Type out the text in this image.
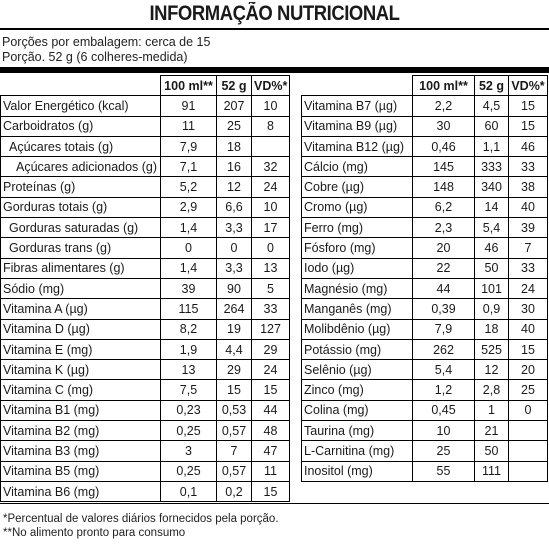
INFORMAÇÃO NUTRICIONAL
Porções por embalagem: cerca de 15
Porção. 52 g (6 colheres-medida)
	100 ml**	52 g	VD%*
Valor Energético (kcal)	91	207	10
Carboidratos (g)	11	25	8
Açúcares totais (g)	7,9	18	
Açúcares adicionados (g)	7,1	16	32
Proteínas (g)	5,2	12	24
Gorduras totais (g)	2,9	6,6	10
Gorduras saturadas (g)	1,4	3,3	17
Gorduras trans (g)	0	0	0
Fibras alimentares (g)	1,4	3,3	13
Sódio (mg)	39	90	5
Vitamina A (µg)	115	264	33
Vitamina D (µg)	8,2	19	127
Vitamina E (mg)	1,9	4,4	29
Vitamina K (µg)	13	29	24
Vitamina C (mg)	7,5	15	15
Vitamina B1 (mg)	0,23	0,53	44
Vitamina B2 (mg)	0,25	0,57	48
Vitamina B3 (mg)	3	7	47
Vitamina B5 (mg)	0,25	0,57	11
Vitamina B6 (mg)	0,1	0,2	15
	100 ml**	52 g	VD%*
Vitamina B7 (µg)	2,2	4,5	15
Vitamina B9 (µg)	30	60	15
Vitamina B12 (µg)	0,46	1,1	46
Cálcio (mg)	145	333	33
Cobre (µg)	148	340	38
Cromo (µg)	6,2	14	40
Ferro (mg)	2,3	5,4	39
Fósforo (mg)	20	46	7
Iodo (µg)	22	50	33
Magnésio (mg)	44	101	24
Manganês (mg)	0,39	0,9	30
Molibdênio (µg)	7,9	18	40
Potássio (mg)	262	525	15
Selênio (µg)	5,4	12	20
Zinco (mg)	1,2	2,8	25
Colina (mg)	0,45	1	0
Taurina (mg)	10	21	
L-Carnitina (mg)	25	50	
Inositol (mg)	55	111	
*Percentual de valores diários fornecidos pela porção.
**No alimento pronto para consumo
